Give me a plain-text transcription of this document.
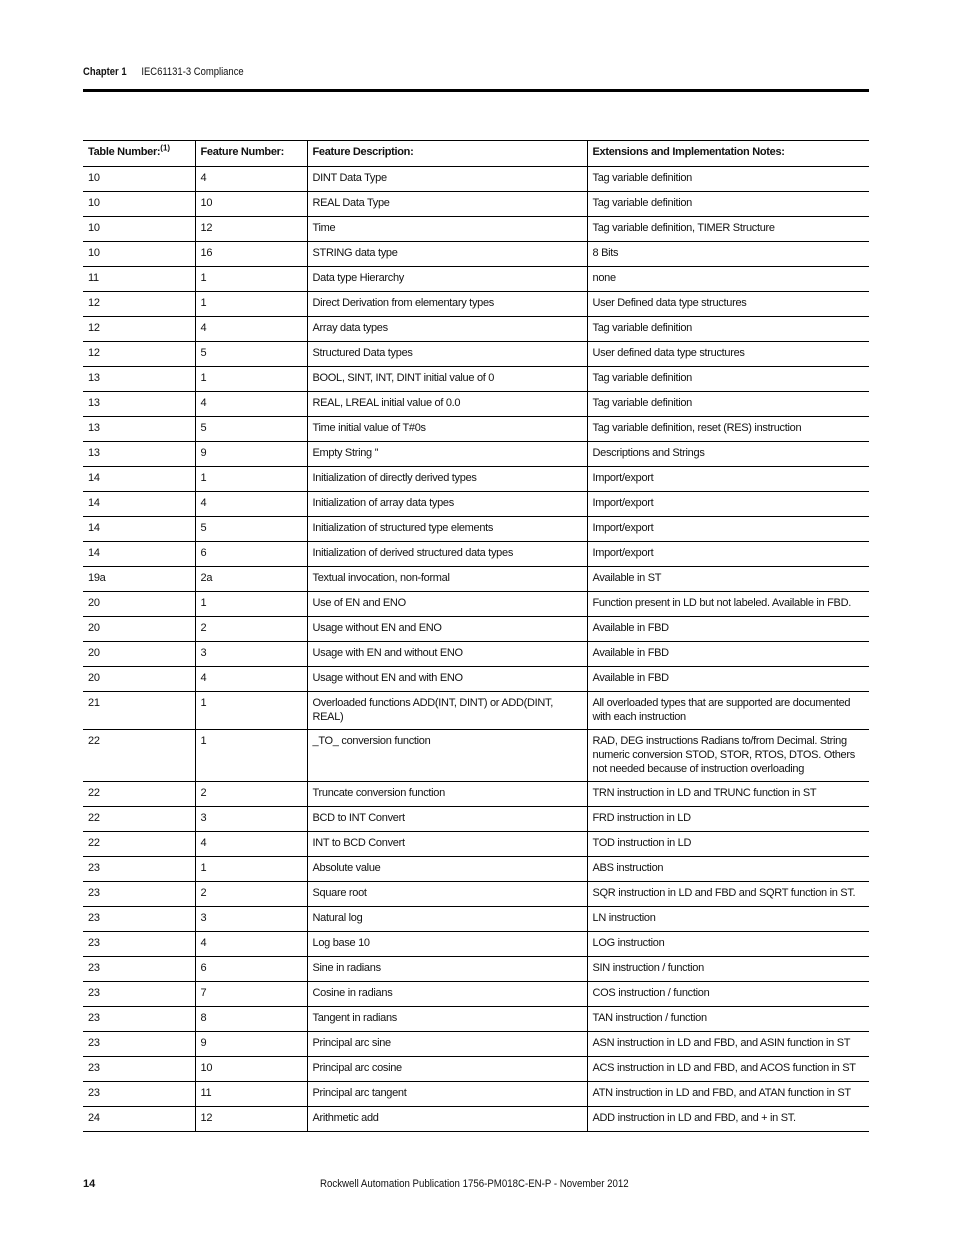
Chapter 1 IEC61131-3 Compliance
Table Number:$^{(1)}$	Feature Number:	Feature Description:	Extensions and Implementation Notes:
10	4	DINT Data Type	Tag variable definition
10	10	REAL Data Type	Tag variable definition
10	12	Time	Tag variable definition, TIMER Structure
10	16	STRING data type	8 Bits
11	1	Data type Hierarchy	none
12	1	Direct Derivation from elementary types	User Defined data type structures
12	4	Array data types	Tag variable definition
12	5	Structured Data types	User defined data type structures
13	1	BOOL, SINT, INT, DINT initial value of 0	Tag variable definition
13	4	REAL, LREAL initial value of 0.0	Tag variable definition
13	5	Time initial value of T#0s	Tag variable definition, reset (RES) instruction
13	9	Empty String ''	Descriptions and Strings
14	1	Initialization of directly derived types	Import/export
14	4	Initialization of array data types	Import/export
14	5	Initialization of structured type elements	Import/export
14	6	Initialization of derived structured data types	Import/export
19a	2a	Textual invocation, non-formal	Available in ST
20	1	Use of EN and ENO	Function present in LD but not labeled. Available in FBD.
20	2	Usage without EN and ENO	Available in FBD
20	3	Usage with EN and without ENO	Available in FBD
20	4	Usage without EN and with ENO	Available in FBD
21	1	Overloaded functions ADD(INT, DINT) or ADD(DINT, REAL)	All overloaded types that are supported are documented with each instruction
22	1	_TO_ conversion function	RAD, DEG instructions Radians to/from Decimal. String numeric conversion STOD, STOR, RTOS, DTOS. Others not needed because of instruction overloading
22	2	Truncate conversion function	TRN instruction in LD and TRUNC function in ST
22	3	BCD to INT Convert	FRD instruction in LD
22	4	INT to BCD Convert	TOD instruction in LD
23	1	Absolute value	ABS instruction
23	2	Square root	SQR instruction in LD and FBD and SQRT function in ST.
23	3	Natural log	LN instruction
23	4	Log base 10	LOG instruction
23	6	Sine in radians	SIN instruction / function
23	7	Cosine in radians	COS instruction / function
23	8	Tangent in radians	TAN instruction / function
23	9	Principal arc sine	ASN instruction in LD and FBD, and ASIN function in ST
23	10	Principal arc cosine	ACS instruction in LD and FBD, and ACOS function in ST
23	11	Principal arc tangent	ATN instruction in LD and FBD, and ATAN function in ST
24	12	Arithmetic add	ADD instruction in LD and FBD, and + in ST.
14	Rockwell Automation Publication 1756-PM018C-EN-P - November 2012
